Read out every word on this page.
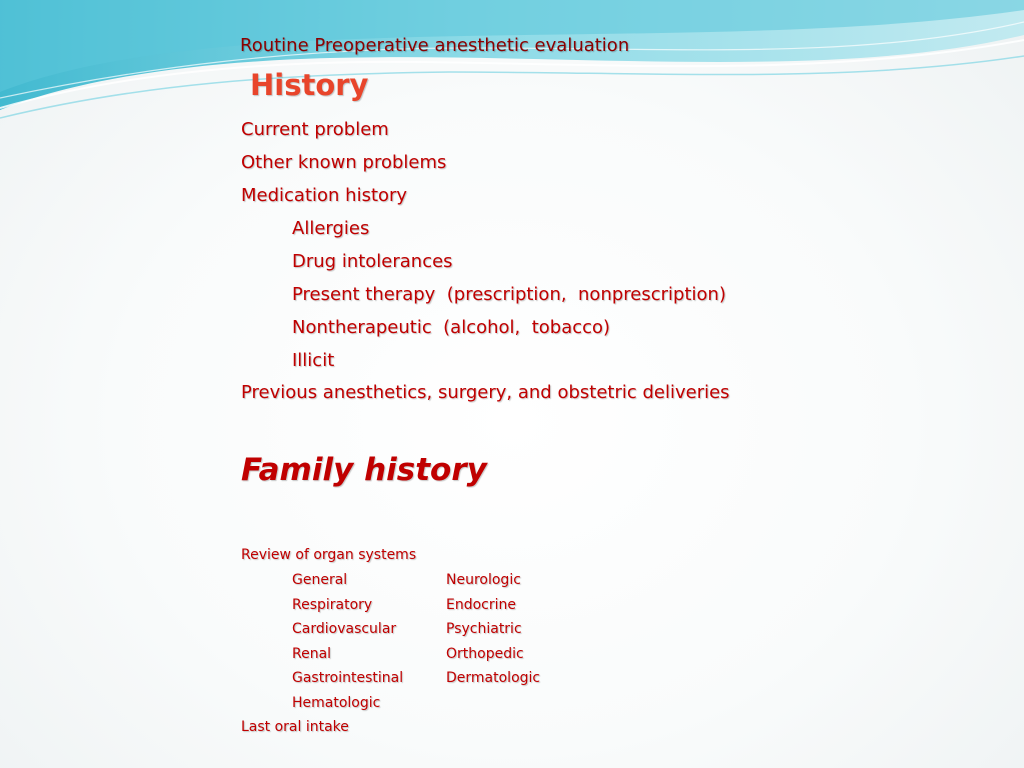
Routine Preoperative anesthetic evaluation
History
Current problem
Other known problems
Medication history
Allergies
Drug intolerances
Present therapy  (prescription,  nonprescription)
Nontherapeutic  (alcohol,  tobacco)
Illicit
Previous anesthetics, surgery, and obstetric deliveries
Family history
Review of organ systems
General
Respiratory
Cardiovascular
Renal
Gastrointestinal
Hematologic
Neurologic
Endocrine
Psychiatric
Orthopedic
Dermatologic
Last oral intake
